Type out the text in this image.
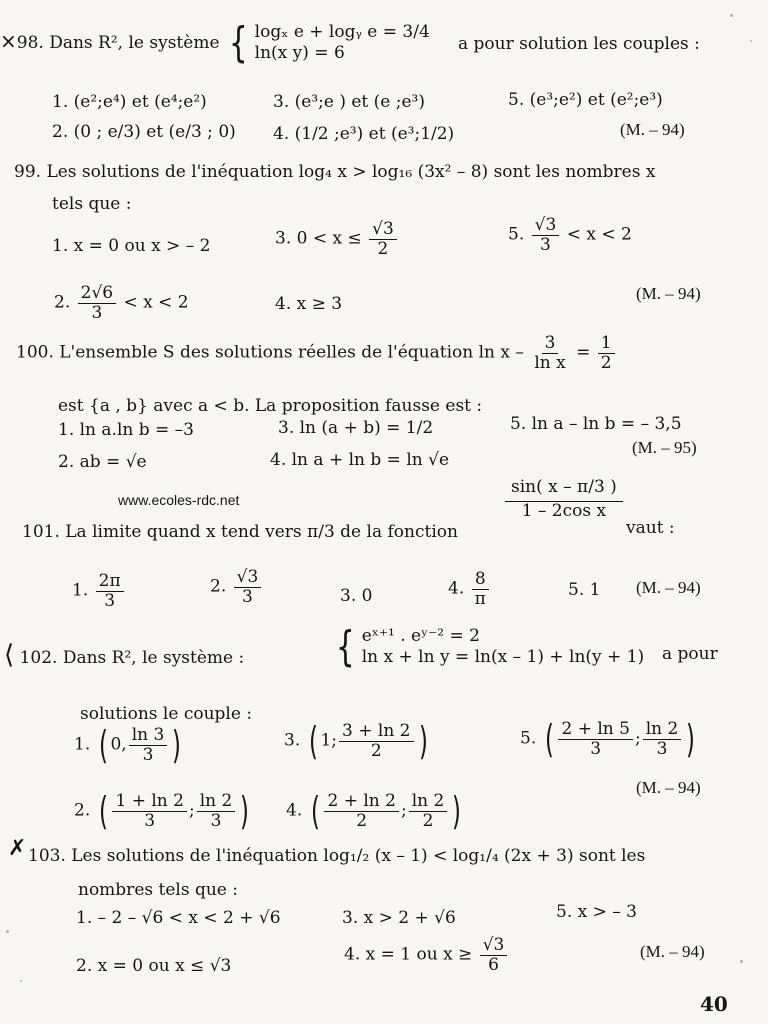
×98. Dans R², le système { logₓ e + logᵧ e = 3/4
ln(x y) = 6	a pour solution les couples :
1. (e²;e⁴) et (e⁴;e²)	3. (e³;e ) et (e ;e³)	5. (e³;e²) et (e²;e³)
2. (0 ; e/3) et (e/3 ; 0) 4. (1/2 ;e³) et (e³;1/2)	(M. – 94)
99. Les solutions de l'inéquation log₄ x > log₁₆ (3x² – 8) sont les nombres x
tels que :
1. x = 0 ou x > – 2	3. $0 < x \le \frac{√3}{2}$	5. $\frac{√3}{3} < x < 2$
2. $\frac{2√6}{3} < x < 2$	4. x ≥ 3
(M. – 94)
100. L'ensemble S des solutions réelles de l'équation $\ln x - \frac{3}{\text{ln x}} = \frac{1}{2}$
est {a , b} avec a < b. La proposition fausse est :
1. ln a.ln b = –3	3. ln (a + b) = 1/2	5. ln a – ln b = – 3,5
2. ab = √e	4. ln a + ln b = ln √e
(M. – 95)
www.ecoles-rdc.net
101. La limite quand x tend vers π/3 de la fonction
$\frac{\sin( x - \pi/3 )}{\text{1 – 2cos x}}$
vaut :
1. $\frac{2\pi}{3}$	2. $\frac{√3}{3}$	3. 0	4. $\frac{8}{\pi}$	5. 1 (M. – 94)
⟨ 102. Dans R², le système : { eˣ⁺¹ . eʸ⁻² = 2
ln x + ln y = ln(x – 1) + ln(y + 1) a pour
solutions le couple :
1. ( 0, $\frac{\ln 3}{3}$ )	3. ( 1; $\frac{3 + \ln 2}{2}$ )	5. ( $\frac{2 + \ln 5}{3}$ ; $\frac{\ln 2}{3}$ )
(M. – 94)
2. ( $\frac{1 + \ln 2}{3}$ ; $\frac{\ln 2}{3}$ ) 4. ( $\frac{2 + \ln 2}{2}$ ; $\frac{\ln 2}{2}$ )
✗ 103. Les solutions de l'inéquation log₁/₂ (x – 1) < log₁/₄ (2x + 3) sont les
nombres tels que :
1. – 2 – √6 < x < 2 + √6	3. x > 2 + √6	5. x > – 3
2. x = 0 ou x ≤ √3
4. x = 1 ou $x \ge \frac{√3}{6}$	(M. – 94)
40
